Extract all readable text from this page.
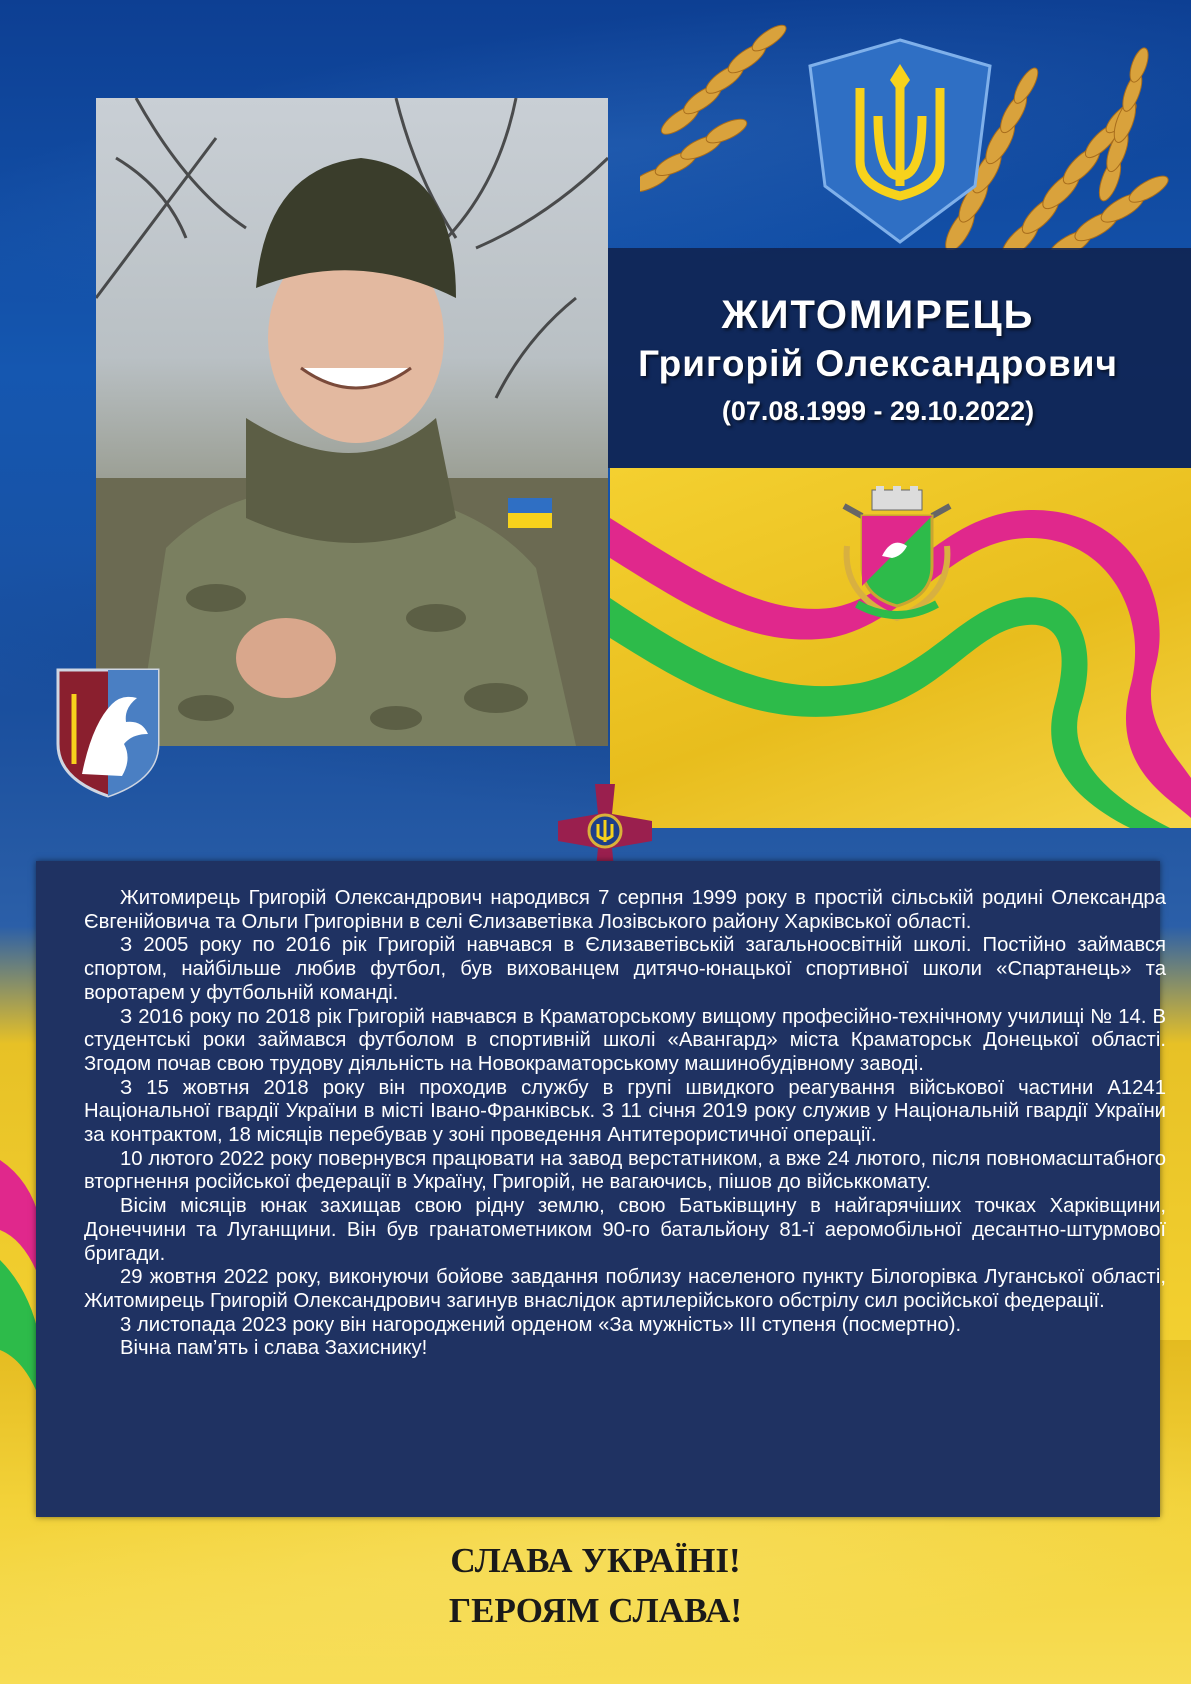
ЖИТОМИРЕЦЬ
Григорій Олександрович
(07.08.1999 - 29.10.2022)

Житомирець Григорій Олександрович народився 7 серпня 1999 року в простій сільській родині Олександра Євгенійовича та Ольги Григорівни в селі Єлизаветівка Лозівського району Харківської області.

З 2005 року по 2016 рік Григорій навчався в Єлизаветівській загальноосвітній школі. Постійно займався спортом, найбільше любив футбол, був вихованцем дитячо-юнацької спортивної школи «Спартанець» та воротарем у футбольній команді.

З 2016 року по 2018 рік Григорій навчався в Краматорському вищому професійно-технічному училищі № 14. В студентські роки займався футболом в спортивній школі «Авангард» міста Краматорськ Донецької області. Згодом почав свою трудову діяльність на Новокраматорському машинобудівному заводі.

З 15 жовтня 2018 року він проходив службу в групі швидкого реагування військової частини А1241 Національної гвардії України в місті Івано-Франківськ. З 11 січня 2019 року служив у Національній гвардії України за контрактом, 18 місяців перебував у зоні проведення Антитерористичної операції.

10 лютого 2022 року повернувся працювати на завод верстатником, а вже 24 лютого, після повномасштабного вторгнення російської федерації в Україну, Григорій, не вагаючись, пішов до військкомату.

Вісім місяців юнак захищав свою рідну землю, свою Батьківщину в найгарячіших точках Харківщини, Донеччини та Луганщини. Він був гранатометником 90-го батальйону 81-ї аеромобільної десантно-штурмової бригади.

29 жовтня 2022 року, виконуючи бойове завдання поблизу населеного пункту Білогорівка Луганської області, Житомирець Григорій Олександрович загинув внаслідок артилерійського обстрілу сил російської федерації.

3 листопада 2023 року він нагороджений орденом «За мужність» ІІІ ступеня (посмертно).

Вічна пам’ять і слава Захиснику!

СЛАВА УКРАЇНІ!
ГЕРОЯМ СЛАВА!
